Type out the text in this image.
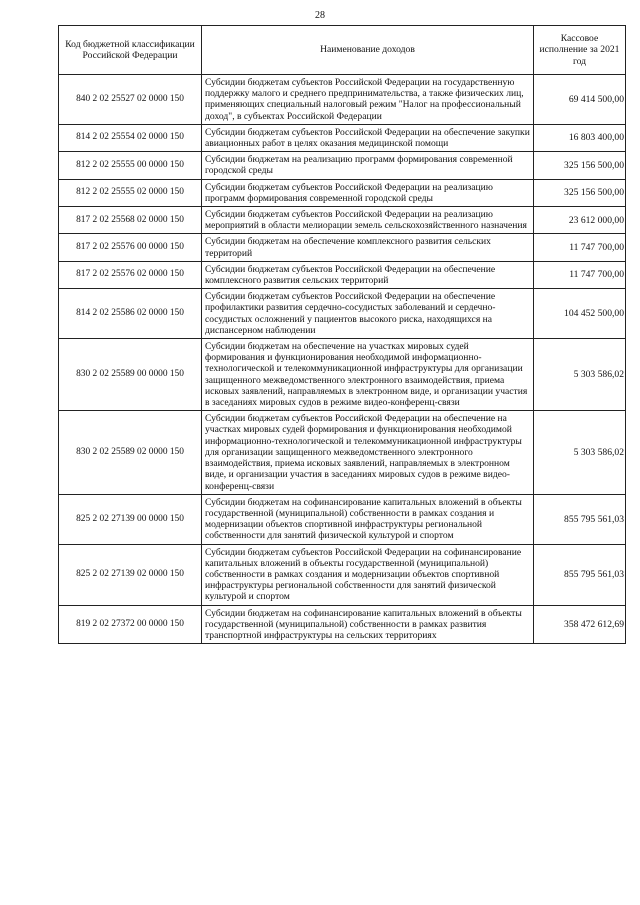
28
Код бюджетной классификации Российской Федерации	Наименование доходов	Кассовое исполнение за 2021 год
840 2 02 25527 02 0000 150	Субсидии бюджетам субъектов Российской Федерации на государственную поддержку малого и среднего предпринимательства, а также физических лиц, применяющих специальный налоговый режим "Налог на профессиональный доход", в субъектах Российской Федерации	69 414 500,00
814 2 02 25554 02 0000 150	Субсидии бюджетам субъектов Российской Федерации на обеспечение закупки авиационных работ в целях оказания медицинской помощи	16 803 400,00
812 2 02 25555 00 0000 150	Субсидии бюджетам на реализацию программ формирования современной городской среды	325 156 500,00
812 2 02 25555 02 0000 150	Субсидии бюджетам субъектов Российской Федерации на реализацию программ формирования современной городской среды	325 156 500,00
817 2 02 25568 02 0000 150	Субсидии бюджетам субъектов Российской Федерации на реализацию мероприятий в области мелиорации земель сельскохозяйственного назначения	23 612 000,00
817 2 02 25576 00 0000 150	Субсидии бюджетам на обеспечение комплексного развития сельских территорий	11 747 700,00
817 2 02 25576 02 0000 150	Субсидии бюджетам субъектов Российской Федерации на обеспечение комплексного развития сельских территорий	11 747 700,00
814 2 02 25586 02 0000 150	Субсидии бюджетам субъектов Российской Федерации на обеспечение профилактики развития сердечно-сосудистых заболеваний и сердечно-сосудистых осложнений у пациентов высокого риска, находящихся на диспансерном наблюдении	104 452 500,00
830 2 02 25589 00 0000 150	Субсидии бюджетам на обеспечение на участках мировых судей формирования и функционирования необходимой информационно-технологической и телекоммуникационной инфраструктуры для организации защищенного межведомственного электронного взаимодействия, приема исковых заявлений, направляемых в электронном виде, и организации участия в заседаниях мировых судов в режиме видео-конференц-связи	5 303 586,02
830 2 02 25589 02 0000 150	Субсидии бюджетам субъектов Российской Федерации на обеспечение на участках мировых судей формирования и функционирования необходимой информационно-технологической и телекоммуникационной инфраструктуры для организации защищенного межведомственного электронного взаимодействия, приема исковых заявлений, направляемых в электронном виде, и организации участия в заседаниях мировых судов в режиме видео-конференц-связи	5 303 586,02
825 2 02 27139 00 0000 150	Субсидии бюджетам на софинансирование капитальных вложений в объекты государственной (муниципальной) собственности в рамках создания и модернизации объектов спортивной инфраструктуры региональной собственности для занятий физической культурой и спортом	855 795 561,03
825 2 02 27139 02 0000 150	Субсидии бюджетам субъектов Российской Федерации на софинансирование капитальных вложений в объекты государственной (муниципальной) собственности в рамках создания и модернизации объектов спортивной инфраструктуры региональной собственности для занятий физической культурой и спортом	855 795 561,03
819 2 02 27372 00 0000 150	Субсидии бюджетам на софинансирование капитальных вложений в объекты государственной (муниципальной) собственности в рамках развития транспортной инфраструктуры на сельских территориях	358 472 612,69
